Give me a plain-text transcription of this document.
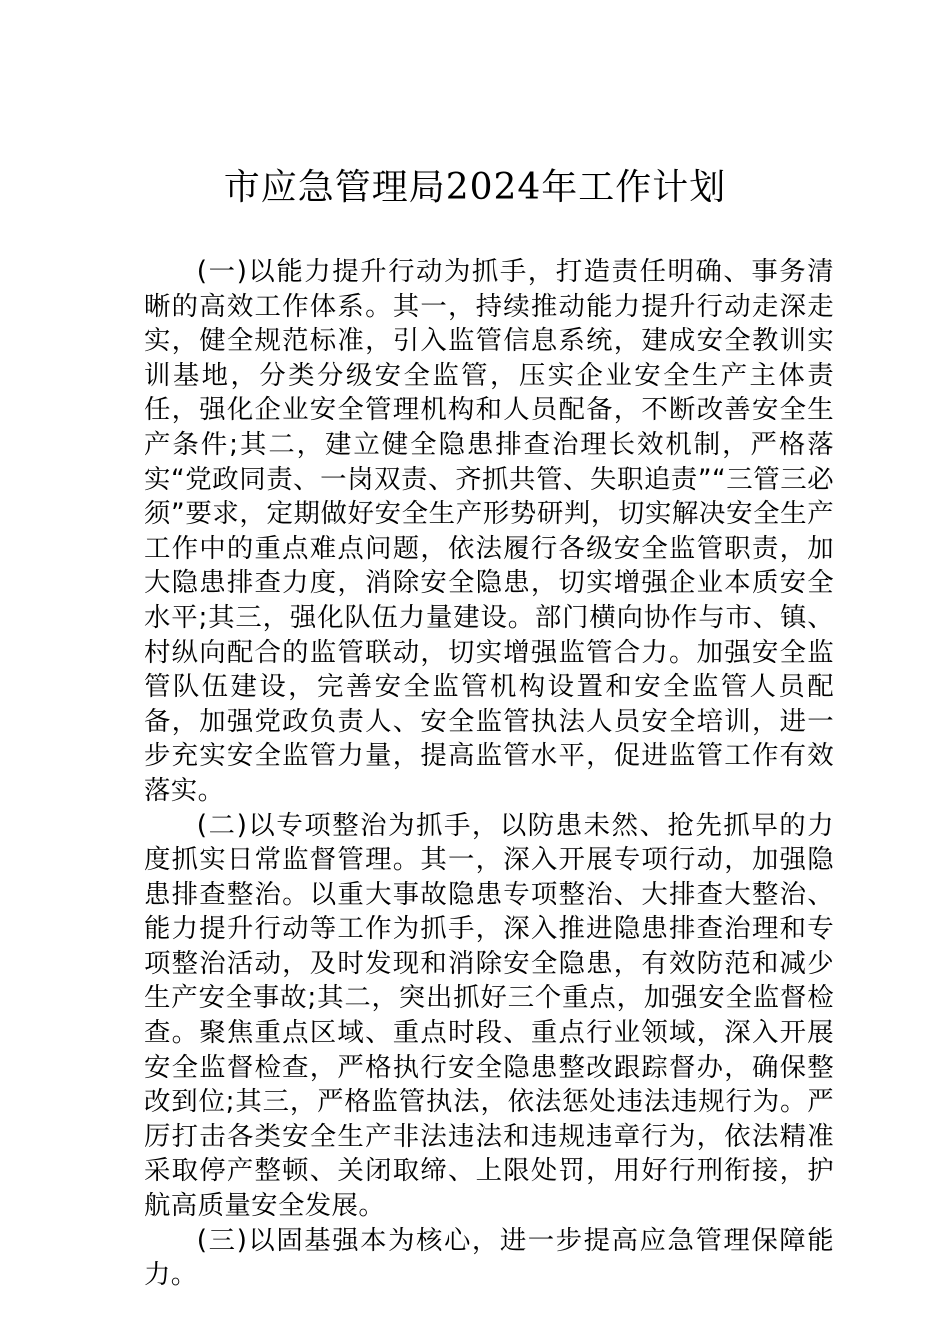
市应急管理局2024年工作计划

(一)以能力提升行动为抓手，打造责任明确、事务清晰的高效工作体系。其一，持续推动能力提升行动走深走实，健全规范标准，引入监管信息系统，建成安全教训实训基地，分类分级安全监管，压实企业安全生产主体责任，强化企业安全管理机构和人员配备，不断改善安全生产条件;其二，建立健全隐患排查治理长效机制，严格落实“党政同责、一岗双责、齐抓共管、失职追责”“三管三必须”要求，定期做好安全生产形势研判，切实解决安全生产工作中的重点难点问题，依法履行各级安全监管职责，加大隐患排查力度，消除安全隐患，切实增强企业本质安全水平;其三，强化队伍力量建设。部门横向协作与市、镇、村纵向配合的监管联动，切实增强监管合力。加强安全监管队伍建设，完善安全监管机构设置和安全监管人员配备，加强党政负责人、安全监管执法人员安全培训，进一步充实安全监管力量，提高监管水平，促进监管工作有效落实。

(二)以专项整治为抓手，以防患未然、抢先抓早的力度抓实日常监督管理。其一，深入开展专项行动，加强隐患排查整治。以重大事故隐患专项整治、大排查大整治、能力提升行动等工作为抓手，深入推进隐患排查治理和专项整治活动，及时发现和消除安全隐患，有效防范和减少生产安全事故;其二，突出抓好三个重点，加强安全监督检查。聚焦重点区域、重点时段、重点行业领域，深入开展安全监督检查，严格执行安全隐患整改跟踪督办，确保整改到位;其三，严格监管执法，依法惩处违法违规行为。严厉打击各类安全生产非法违法和违规违章行为，依法精准采取停产整顿、关闭取缔、上限处罚，用好行刑衔接，护航高质量安全发展。

(三)以固基强本为核心，进一步提高应急管理保障能力。
